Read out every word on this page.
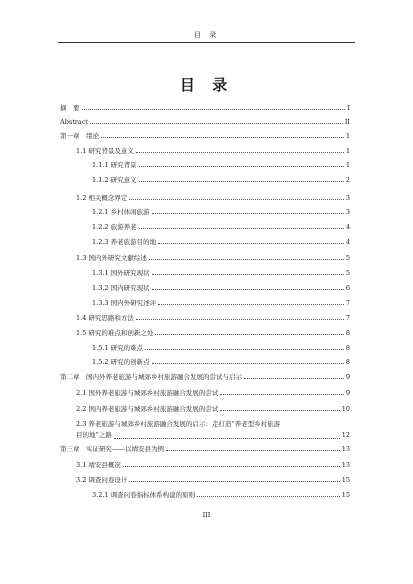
目 录
目 录
摘　要	I
Abstract	II
第一章　绪论	1
1.1 研究背景及意义	1
1.1.1 研究背景	1
1.1.2 研究意义	2
1.2 相关概念界定	3
1.2.1 乡村休闲旅游	3
1.2.2 旅游养老	4
1.2.3 养老旅游目的地	4
1.3 国内外研究文献综述	5
1.3.1 国外研究现状	5
1.3.2 国内研究现状	6
1.3.3 国内外研究述评	7
1.4 研究思路和方法	7
1.5 研究的难点和创新之处	8
1.5.1 研究的难点	8
1.5.2 研究的创新点	8
第二章　国内外养老旅游与城郊乡村旅游融合发展的尝试与启示	9
2.1 国外养老旅游与城郊乡村旅游融合发展的尝试	9
2.2 国内养老旅游与城郊乡村旅游融合发展的尝试	10
2.3 养老旅游与城郊乡村旅游融合发展的启示：走打造“养老型乡村旅游
目的地”之路	12
第三章　实证研究——以靖安县为例	13
3.1 靖安县概况	13
3.2 调查问卷设计	15
3.2.1 调查问卷指标体系构建的原则	15
III
